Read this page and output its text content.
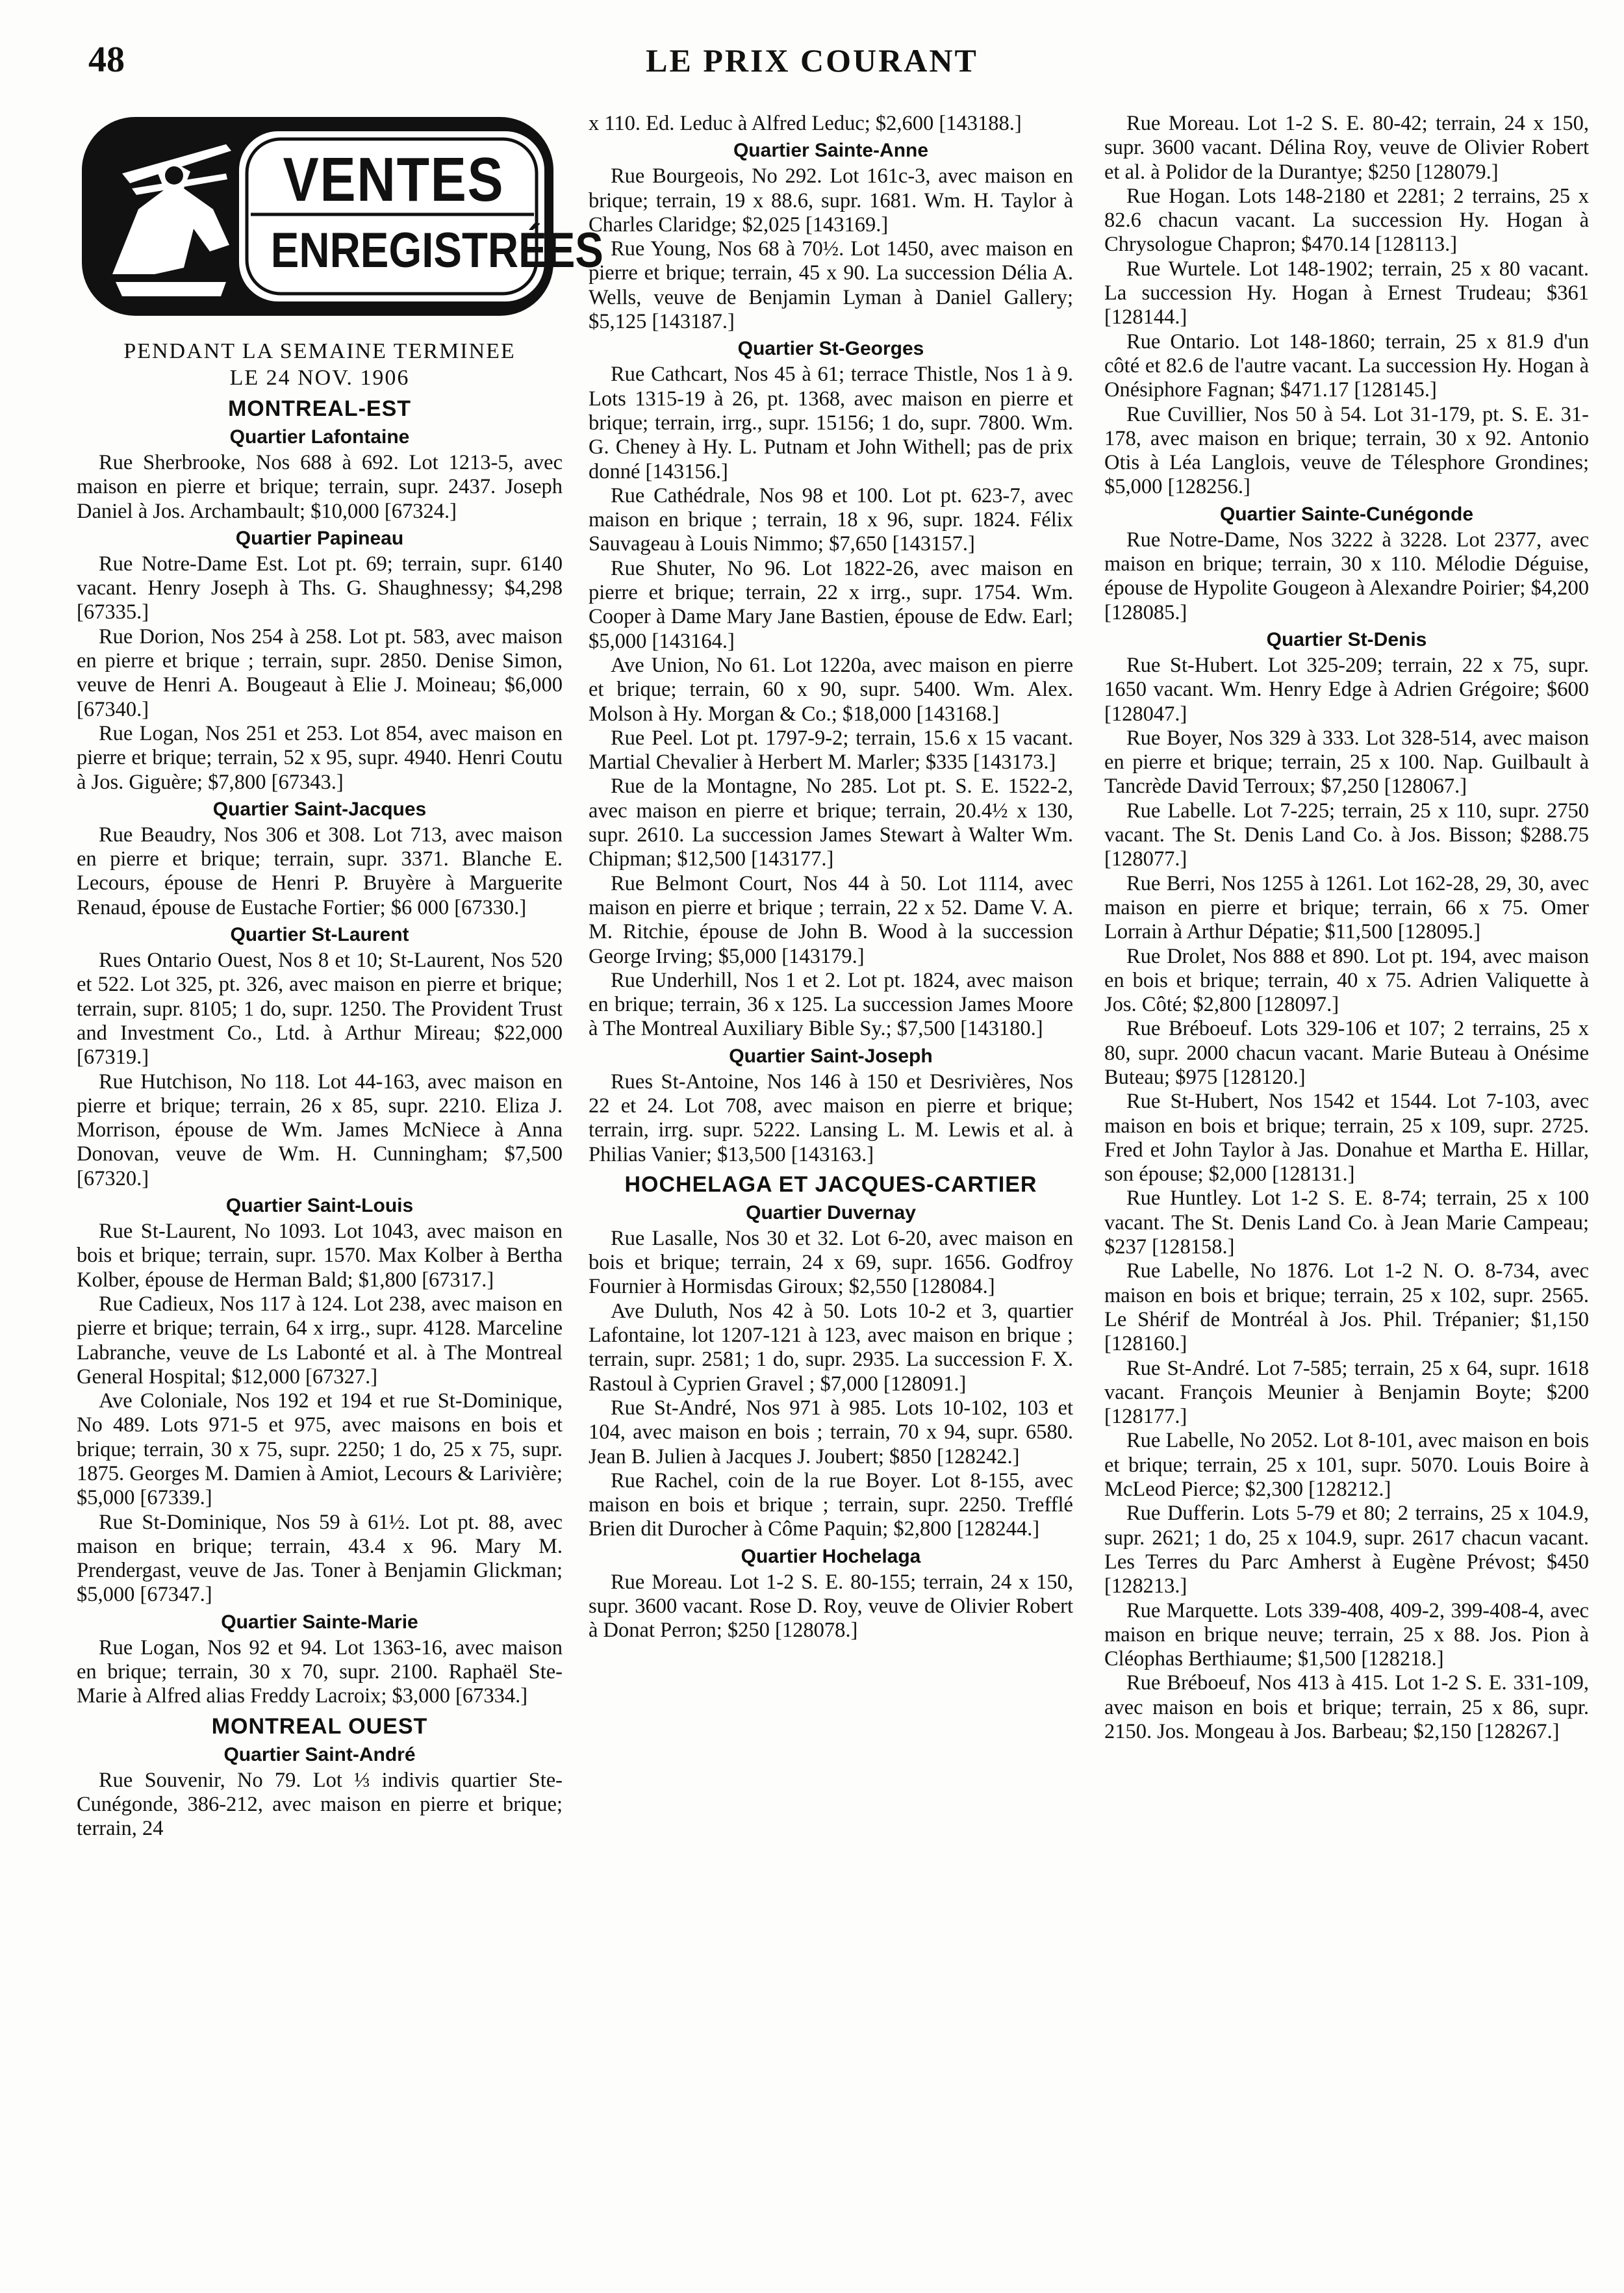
48	LE PRIX COURANT
VENTES
ENREGISTRÉES
PENDANT LA SEMAINE TERMINEE
LE 24 NOV. 1906
MONTREAL-EST
Quartier Lafontaine

Rue Sherbrooke, Nos 688 à 692. Lot 1213-5, avec maison en pierre et brique; terrain, supr. 2437. Joseph Daniel à Jos. Archambault; $10,000 [67324.]

Quartier Papineau

Rue Notre-Dame Est. Lot pt. 69; terrain, supr. 6140 vacant. Henry Joseph à Ths. G. Shaughnessy; $4,298 [67335.]

Rue Dorion, Nos 254 à 258. Lot pt. 583, avec maison en pierre et brique ; terrain, supr. 2850. Denise Simon, veuve de Henri A. Bougeaut à Elie J. Moineau; $6,000 [67340.]

Rue Logan, Nos 251 et 253. Lot 854, avec maison en pierre et brique; terrain, 52 x 95, supr. 4940. Henri Coutu à Jos. Giguère; $7,800 [67343.]

Quartier Saint-Jacques

Rue Beaudry, Nos 306 et 308. Lot 713, avec maison en pierre et brique; terrain, supr. 3371. Blanche E. Lecours, épouse de Henri P. Bruyère à Marguerite Renaud, épouse de Eustache Fortier; $6 000 [67330.]

Quartier St-Laurent

Rues Ontario Ouest, Nos 8 et 10; St-Laurent, Nos 520 et 522. Lot 325, pt. 326, avec maison en pierre et brique; terrain, supr. 8105; 1 do, supr. 1250. The Provident Trust and Investment Co., Ltd. à Arthur Mireau; $22,000 [67319.]

Rue Hutchison, No 118. Lot 44-163, avec maison en pierre et brique; terrain, 26 x 85, supr. 2210. Eliza J. Morrison, épouse de Wm. James McNiece à Anna Donovan, veuve de Wm. H. Cunningham; $7,500 [67320.]

Quartier Saint-Louis

Rue St-Laurent, No 1093. Lot 1043, avec maison en bois et brique; terrain, supr. 1570. Max Kolber à Bertha Kolber, épouse de Herman Bald; $1,800 [67317.]

Rue Cadieux, Nos 117 à 124. Lot 238, avec maison en pierre et brique; terrain, 64 x irrg., supr. 4128. Marceline Labranche, veuve de Ls Labonté et al. à The Montreal General Hospital; $12,000 [67327.]

Ave Coloniale, Nos 192 et 194 et rue St-Dominique, No 489. Lots 971-5 et 975, avec maisons en bois et brique; terrain, 30 x 75, supr. 2250; 1 do, 25 x 75, supr. 1875. Georges M. Damien à Amiot, Lecours & Larivière; $5,000 [67339.]

Rue St-Dominique, Nos 59 à 61½. Lot pt. 88, avec maison en brique; terrain, 43.4 x 96. Mary M. Prendergast, veuve de Jas. Toner à Benjamin Glickman; $5,000 [67347.]

Quartier Sainte-Marie

Rue Logan, Nos 92 et 94. Lot 1363-16, avec maison en brique; terrain, 30 x 70, supr. 2100. Raphaël Ste-Marie à Alfred alias Freddy Lacroix; $3,000 [67334.]

MONTREAL OUEST
Quartier Saint-André

Rue Souvenir, No 79. Lot ⅓ indivis quartier Ste-Cunégonde, 386-212, avec maison en pierre et brique; terrain, 24

x 110. Ed. Leduc à Alfred Leduc; $2,600 [143188.]

Quartier Sainte-Anne

Rue Bourgeois, No 292. Lot 161c-3, avec maison en brique; terrain, 19 x 88.6, supr. 1681. Wm. H. Taylor à Charles Claridge; $2,025 [143169.]

Rue Young, Nos 68 à 70½. Lot 1450, avec maison en pierre et brique; terrain, 45 x 90. La succession Délia A. Wells, veuve de Benjamin Lyman à Daniel Gallery; $5,125 [143187.]

Quartier St-Georges

Rue Cathcart, Nos 45 à 61; terrace Thistle, Nos 1 à 9. Lots 1315-19 à 26, pt. 1368, avec maison en pierre et brique; terrain, irrg., supr. 15156; 1 do, supr. 7800. Wm. G. Cheney à Hy. L. Putnam et John Withell; pas de prix donné [143156.]

Rue Cathédrale, Nos 98 et 100. Lot pt. 623-7, avec maison en brique ; terrain, 18 x 96, supr. 1824. Félix Sauvageau à Louis Nimmo; $7,650 [143157.]

Rue Shuter, No 96. Lot 1822-26, avec maison en pierre et brique; terrain, 22 x irrg., supr. 1754. Wm. Cooper à Dame Mary Jane Bastien, épouse de Edw. Earl; $5,000 [143164.]

Ave Union, No 61. Lot 1220a, avec maison en pierre et brique; terrain, 60 x 90, supr. 5400. Wm. Alex. Molson à Hy. Morgan & Co.; $18,000 [143168.]

Rue Peel. Lot pt. 1797-9-2; terrain, 15.6 x 15 vacant. Martial Chevalier à Herbert M. Marler; $335 [143173.]

Rue de la Montagne, No 285. Lot pt. S. E. 1522-2, avec maison en pierre et brique; terrain, 20.4½ x 130, supr. 2610. La succession James Stewart à Walter Wm. Chipman; $12,500 [143177.]

Rue Belmont Court, Nos 44 à 50. Lot 1114, avec maison en pierre et brique ; terrain, 22 x 52. Dame V. A. M. Ritchie, épouse de John B. Wood à la succession George Irving; $5,000 [143179.]

Rue Underhill, Nos 1 et 2. Lot pt. 1824, avec maison en brique; terrain, 36 x 125. La succession James Moore à The Montreal Auxiliary Bible Sy.; $7,500 [143180.]

Quartier Saint-Joseph

Rues St-Antoine, Nos 146 à 150 et Desrivières, Nos 22 et 24. Lot 708, avec maison en pierre et brique; terrain, irrg. supr. 5222. Lansing L. M. Lewis et al. à Philias Vanier; $13,500 [143163.]

HOCHELAGA ET JACQUES-CARTIER
Quartier Duvernay

Rue Lasalle, Nos 30 et 32. Lot 6-20, avec maison en bois et brique; terrain, 24 x 69, supr. 1656. Godfroy Fournier à Hormisdas Giroux; $2,550 [128084.]

Ave Duluth, Nos 42 à 50. Lots 10-2 et 3, quartier Lafontaine, lot 1207-121 à 123, avec maison en brique ; terrain, supr. 2581; 1 do, supr. 2935. La succession F. X. Rastoul à Cyprien Gravel ; $7,000 [128091.]

Rue St-André, Nos 971 à 985. Lots 10-102, 103 et 104, avec maison en bois ; terrain, 70 x 94, supr. 6580. Jean B. Julien à Jacques J. Joubert; $850 [128242.]

Rue Rachel, coin de la rue Boyer. Lot 8-155, avec maison en bois et brique ; terrain, supr. 2250. Trefflé Brien dit Durocher à Côme Paquin; $2,800 [128244.]

Quartier Hochelaga

Rue Moreau. Lot 1-2 S. E. 80-155; terrain, 24 x 150, supr. 3600 vacant. Rose D. Roy, veuve de Olivier Robert à Donat Perron; $250 [128078.]

Rue Moreau. Lot 1-2 S. E. 80-42; terrain, 24 x 150, supr. 3600 vacant. Délina Roy, veuve de Olivier Robert et al. à Polidor de la Durantye; $250 [128079.]

Rue Hogan. Lots 148-2180 et 2281; 2 terrains, 25 x 82.6 chacun vacant. La succession Hy. Hogan à Chrysologue Chapron; $470.14 [128113.]

Rue Wurtele. Lot 148-1902; terrain, 25 x 80 vacant. La succession Hy. Hogan à Ernest Trudeau; $361 [128144.]

Rue Ontario. Lot 148-1860; terrain, 25 x 81.9 d'un côté et 82.6 de l'autre vacant. La succession Hy. Hogan à Onésiphore Fagnan; $471.17 [128145.]

Rue Cuvillier, Nos 50 à 54. Lot 31-179, pt. S. E. 31-178, avec maison en brique; terrain, 30 x 92. Antonio Otis à Léa Langlois, veuve de Télesphore Grondines; $5,000 [128256.]

Quartier Sainte-Cunégonde

Rue Notre-Dame, Nos 3222 à 3228. Lot 2377, avec maison en brique; terrain, 30 x 110. Mélodie Déguise, épouse de Hypolite Gougeon à Alexandre Poirier; $4,200 [128085.]

Quartier St-Denis

Rue St-Hubert. Lot 325-209; terrain, 22 x 75, supr. 1650 vacant. Wm. Henry Edge à Adrien Grégoire; $600 [128047.]

Rue Boyer, Nos 329 à 333. Lot 328-514, avec maison en pierre et brique; terrain, 25 x 100. Nap. Guilbault à Tancrède David Terroux; $7,250 [128067.]

Rue Labelle. Lot 7-225; terrain, 25 x 110, supr. 2750 vacant. The St. Denis Land Co. à Jos. Bisson; $288.75 [128077.]

Rue Berri, Nos 1255 à 1261. Lot 162-28, 29, 30, avec maison en pierre et brique; terrain, 66 x 75. Omer Lorrain à Arthur Dépatie; $11,500 [128095.]

Rue Drolet, Nos 888 et 890. Lot pt. 194, avec maison en bois et brique; terrain, 40 x 75. Adrien Valiquette à Jos. Côté; $2,800 [128097.]

Rue Bréboeuf. Lots 329-106 et 107; 2 terrains, 25 x 80, supr. 2000 chacun vacant. Marie Buteau à Onésime Buteau; $975 [128120.]

Rue St-Hubert, Nos 1542 et 1544. Lot 7-103, avec maison en bois et brique; terrain, 25 x 109, supr. 2725. Fred et John Taylor à Jas. Donahue et Martha E. Hillar, son épouse; $2,000 [128131.]

Rue Huntley. Lot 1-2 S. E. 8-74; terrain, 25 x 100 vacant. The St. Denis Land Co. à Jean Marie Campeau; $237 [128158.]

Rue Labelle, No 1876. Lot 1-2 N. O. 8-734, avec maison en bois et brique; terrain, 25 x 102, supr. 2565. Le Shérif de Montréal à Jos. Phil. Trépanier; $1,150 [128160.]

Rue St-André. Lot 7-585; terrain, 25 x 64, supr. 1618 vacant. François Meunier à Benjamin Boyte; $200 [128177.]

Rue Labelle, No 2052. Lot 8-101, avec maison en bois et brique; terrain, 25 x 101, supr. 5070. Louis Boire à McLeod Pierce; $2,300 [128212.]

Rue Dufferin. Lots 5-79 et 80; 2 terrains, 25 x 104.9, supr. 2621; 1 do, 25 x 104.9, supr. 2617 chacun vacant. Les Terres du Parc Amherst à Eugène Prévost; $450 [128213.]

Rue Marquette. Lots 339-408, 409-2, 399-408-4, avec maison en brique neuve; terrain, 25 x 88. Jos. Pion à Cléophas Berthiaume; $1,500 [128218.]

Rue Bréboeuf, Nos 413 à 415. Lot 1-2 S. E. 331-109, avec maison en bois et brique; terrain, 25 x 86, supr. 2150. Jos. Mongeau à Jos. Barbeau; $2,150 [128267.]
